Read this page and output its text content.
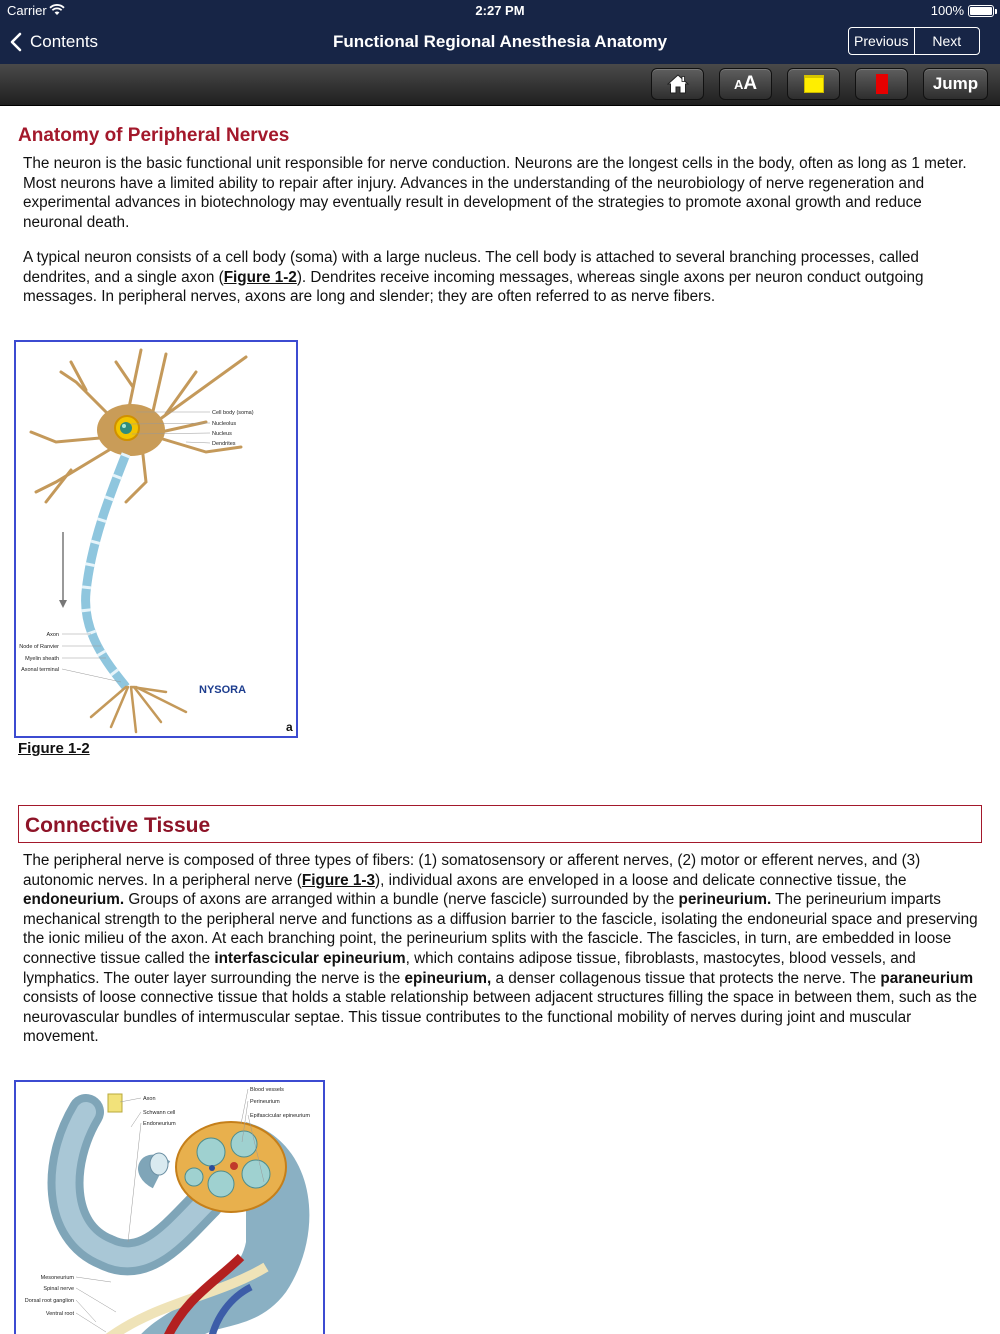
Carrier	2:27 PM	100%
Contents	Functional Regional Anesthesia Anatomy	Previous	Next
A A	Jump
Anatomy of Peripheral Nerves

The neuron is the basic functional unit responsible for nerve conduction. Neurons are the longest cells in the body, often as long as 1 meter. Most neurons have a limited ability to repair after injury. Advances in the understanding of the neurobiology of nerve regeneration and experimental advances in biotechnology may eventually result in development of the strategies to promote axonal growth and reduce neuronal death.

A typical neuron consists of a cell body (soma) with a large nucleus. The cell body is attached to several branching processes, called dendrites, and a single axon (Figure 1-2). Dendrites receive incoming messages, whereas single axons per neuron conduct outgoing messages. In peripheral nerves, axons are long and slender; they are often referred to as nerve fibers.

Cell body (soma)
Nucleolus
Nucleus
Dendrites
Axon
Node of Ranvier
Myelin sheath
Axonal terminal
NYSORA
a
Figure 1-2
Connective Tissue

The peripheral nerve is composed of three types of fibers: (1) somatosensory or afferent nerves, (2) motor or efferent nerves, and (3) autonomic nerves. In a peripheral nerve (Figure 1-3), individual axons are enveloped in a loose and delicate connective tissue, the endoneurium. Groups of axons are arranged within a bundle (nerve fascicle) surrounded by the perineurium. The perineurium imparts mechanical strength to the peripheral nerve and functions as a diffusion barrier to the fascicle, isolating the endoneurial space and preserving the ionic milieu of the axon. At each branching point, the perineurium splits with the fascicle. The fascicles, in turn, are embedded in loose connective tissue called the interfascicular epineurium, which contains adipose tissue, fibroblasts, mastocytes, blood vessels, and lymphatics. The outer layer surrounding the nerve is the epineurium, a denser collagenous tissue that protects the nerve. The paraneurium consists of loose connective tissue that holds a stable relationship between adjacent structures filling the space in between them, such as the neurovascular bundles of intermuscular septae. This tissue contributes to the functional mobility of nerves during joint and muscular movement.

Axon
Schwann cell
Endoneurium
Blood vessels
Perineurium
Epifascicular epineurium
Mesoneurium
Spinal nerve
Dorsal root ganglion
Ventral root
